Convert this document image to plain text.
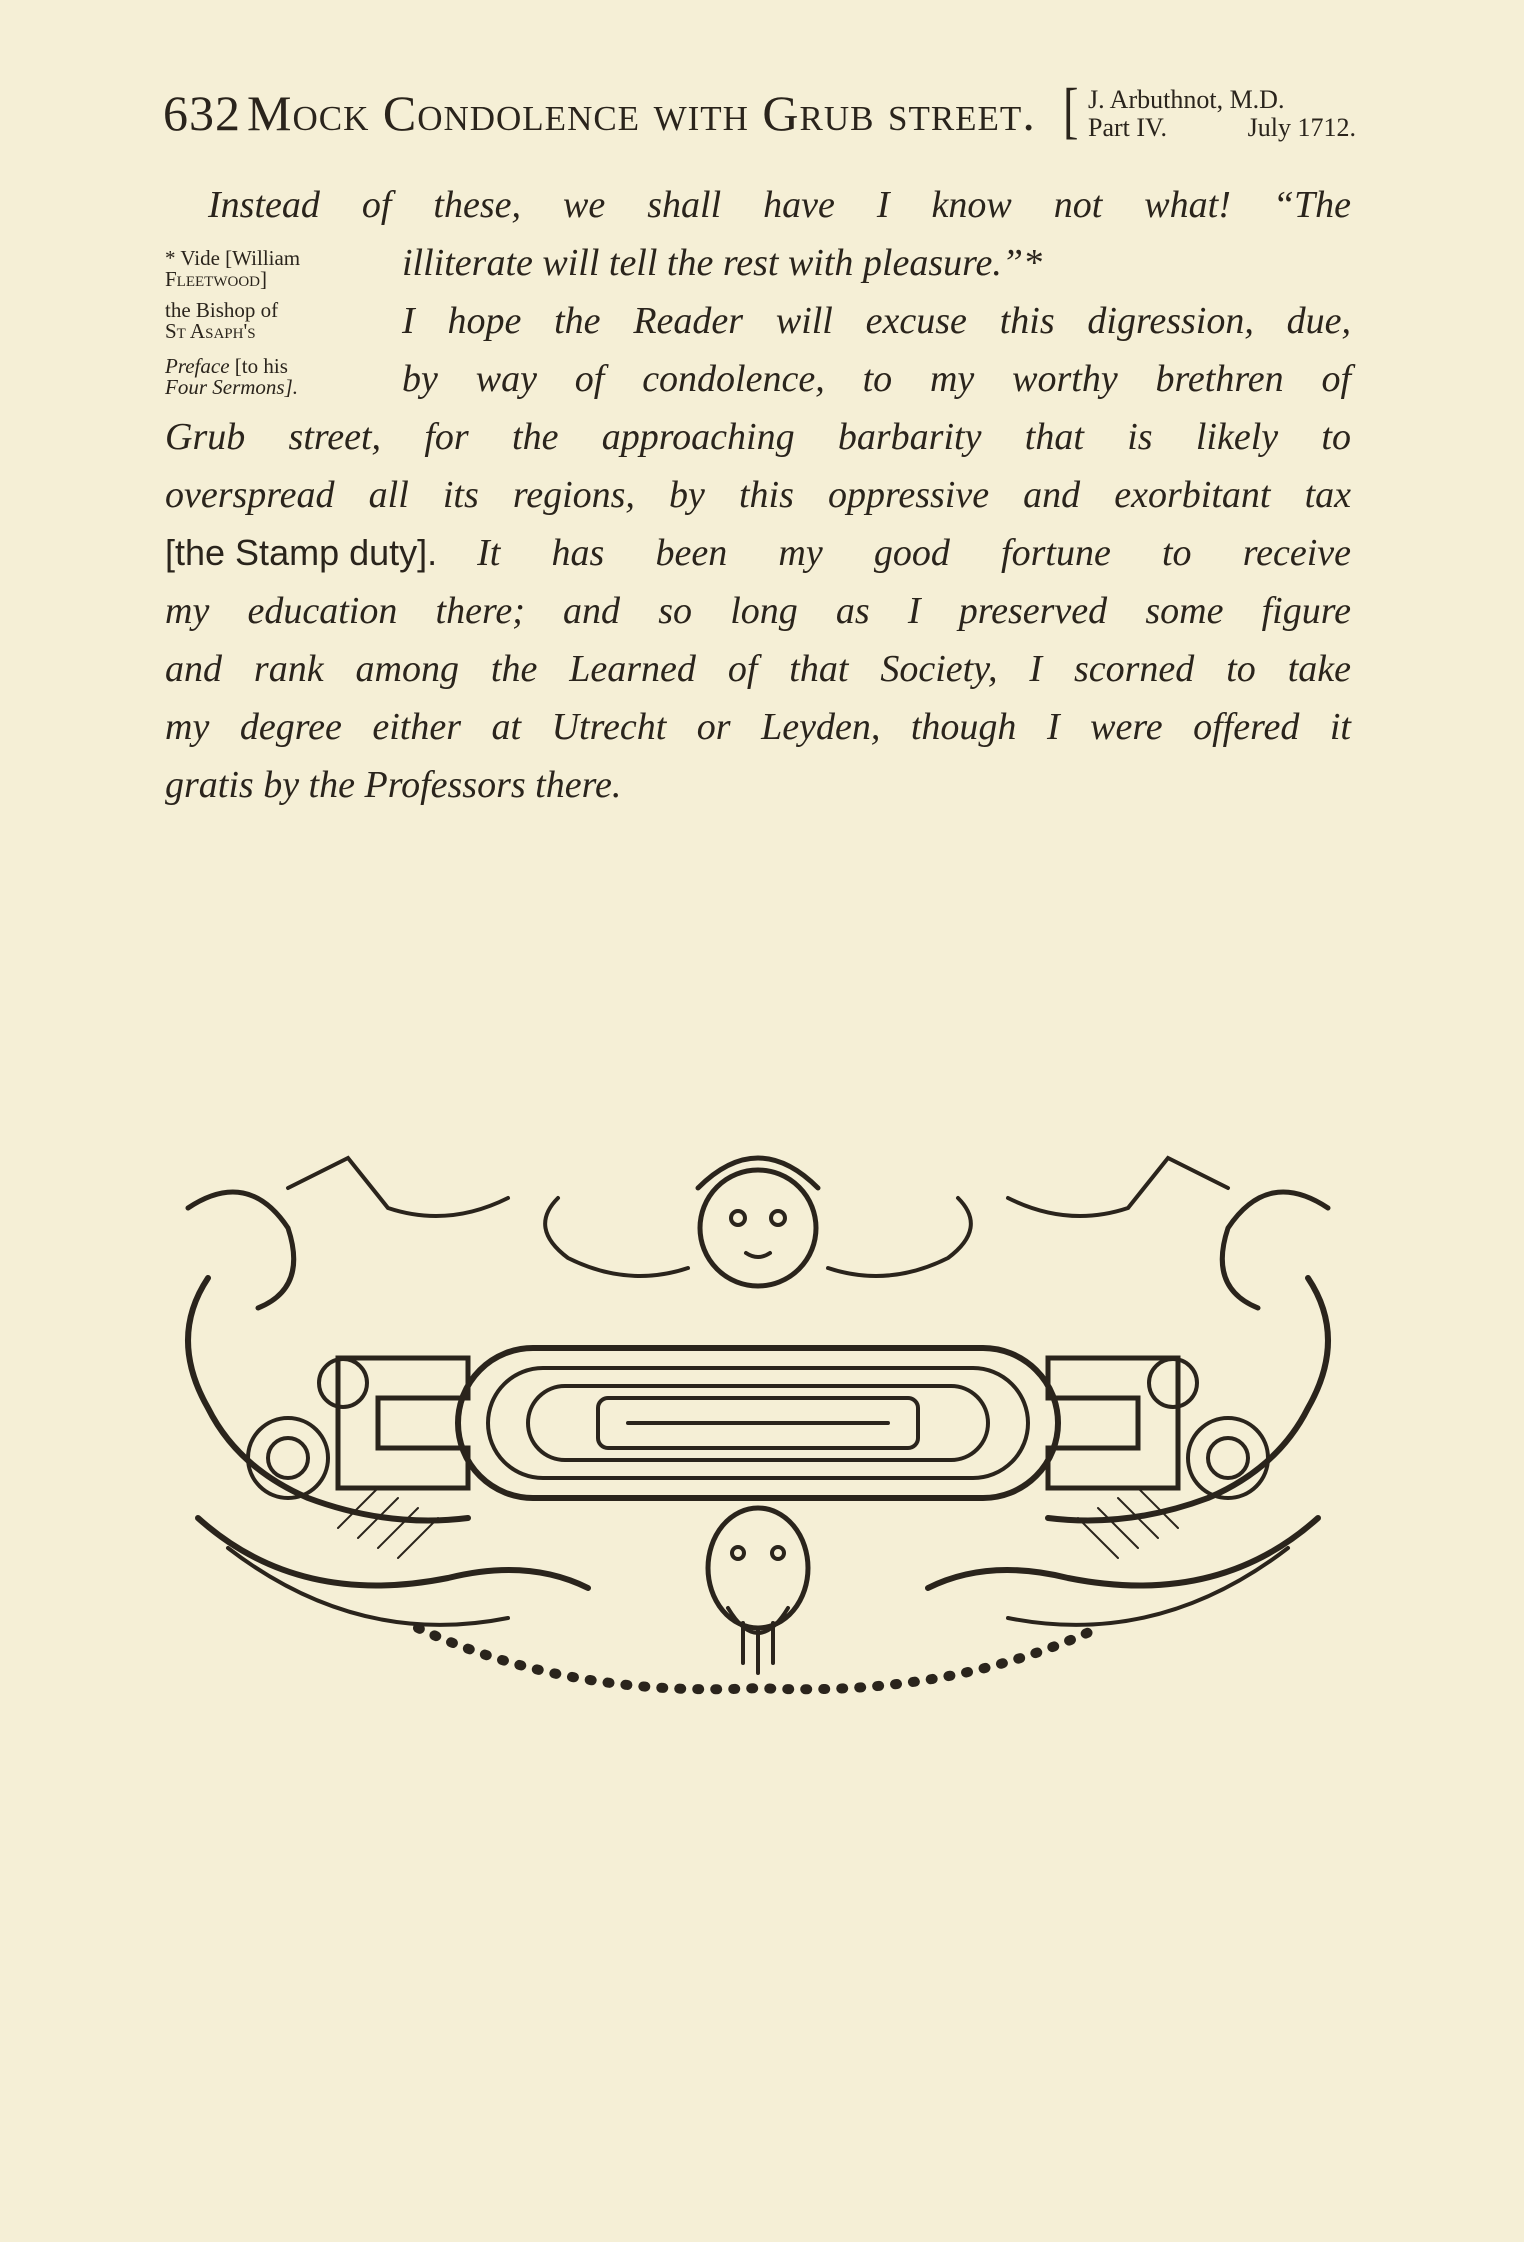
632 Mock Condolence with Grub street. [ J. Arbuthnot, M.D.
Part IV.	July 1712.
Instead of these, we shall have I know not what! “The
illiterate will tell the rest with pleasure.”*
I hope the Reader will excuse this digression, due,
by way of condolence, to my worthy brethren of
Grub street, for the approaching barbarity that is likely to
overspread all its regions, by this oppressive and exorbitant tax
[the Stamp duty]. It has been my good fortune to receive
my education there; and so long as I preserved some figure
and rank among the Learned of that Society, I scorned to take
my degree either at Utrecht or Leyden, though I were offered it
gratis by the Professors there.
* Vide [William
Fleetwood]
the Bishop of
St Asaph's
Preface [to his
Four Sermons].
